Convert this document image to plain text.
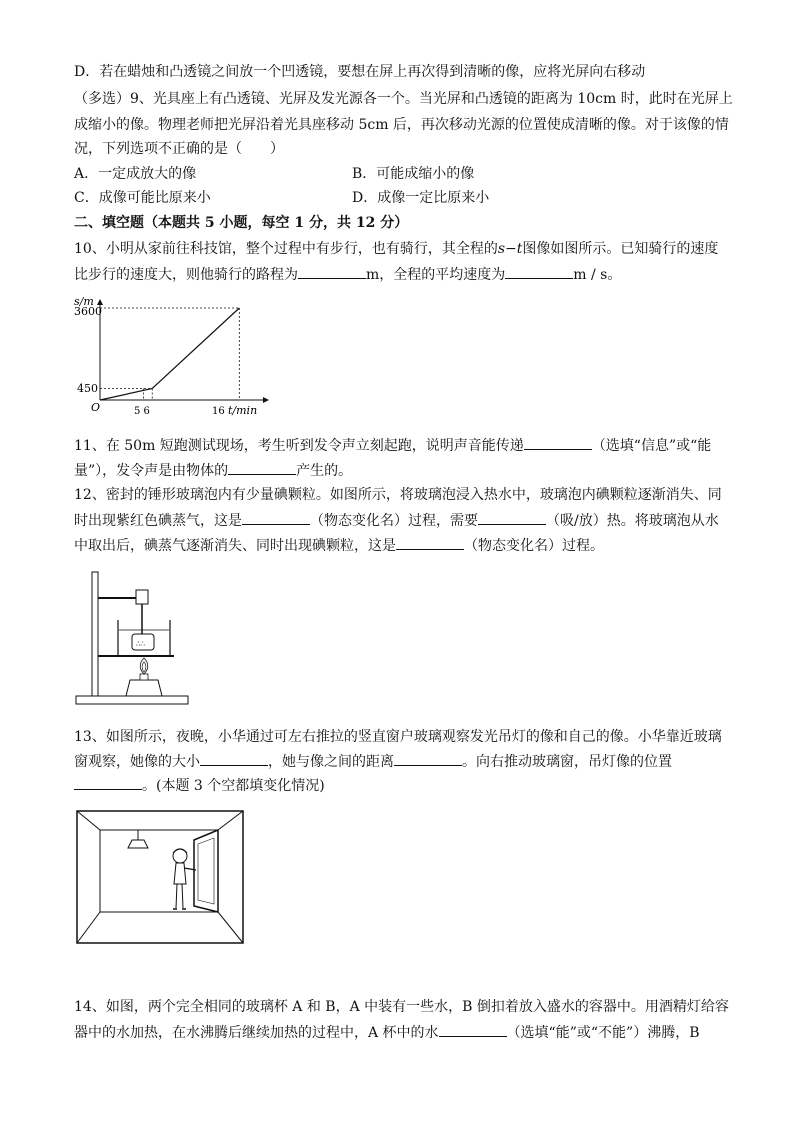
D．若在蜡烛和凸透镜之间放一个凹透镜，要想在屏上再次得到清晰的像，应将光屏向右移动
（多选）9、光具座上有凸透镜、光屏及发光源各一个。当光屏和凸透镜的距离为 10cm 时，此时在光屏上
成缩小的像。物理老师把光屏沿着光具座移动 5cm 后，再次移动光源的位置使成清晰的像。对于该像的情
况，下列选项不正确的是（　　）
A．一定成放大的像	B．可能成缩小的像
C．成像可能比原来小	D．成像一定比原来小
二、填空题（本题共 5 小题，每空 1 分，共 12 分）
10、小明从家前往科技馆，整个过程中有步行，也有骑行，其全程的s−t图像如图所示。已知骑行的速度
比步行的速度大，则他骑行的路程为	m，全程的平均速度为	m / s。
s/m
t/min
O
3600
450
5 6	16
11、在 50m 短跑测试现场，考生听到发令声立刻起跑，说明声音能传递	（选填“信息”或“能
量”），发令声是由物体的	产生的。
12、密封的锤形玻璃泡内有少量碘颗粒。如图所示，将玻璃泡浸入热水中，玻璃泡内碘颗粒逐渐消失、同
时出现紫红色碘蒸气，这是	（物态变化名）过程，需要	（吸/放）热。将玻璃泡从水
中取出后，碘蒸气逐渐消失、同时出现碘颗粒，这是	（物态变化名）过程。
∴∴
13、如图所示，夜晚，小华通过可左右推拉的竖直窗户玻璃观察发光吊灯的像和自己的像。小华靠近玻璃
窗观察，她像的大小	，她与像之间的距离	。向右推动玻璃窗，吊灯像的位置
。(本题 3 个空都填变化情况)
14、如图，两个完全相同的玻璃杯 A 和 B，A 中装有一些水，B 倒扣着放入盛水的容器中。用酒精灯给容
器中的水加热，在水沸腾后继续加热的过程中，A 杯中的水	（选填“能”或“不能”）沸腾，B
